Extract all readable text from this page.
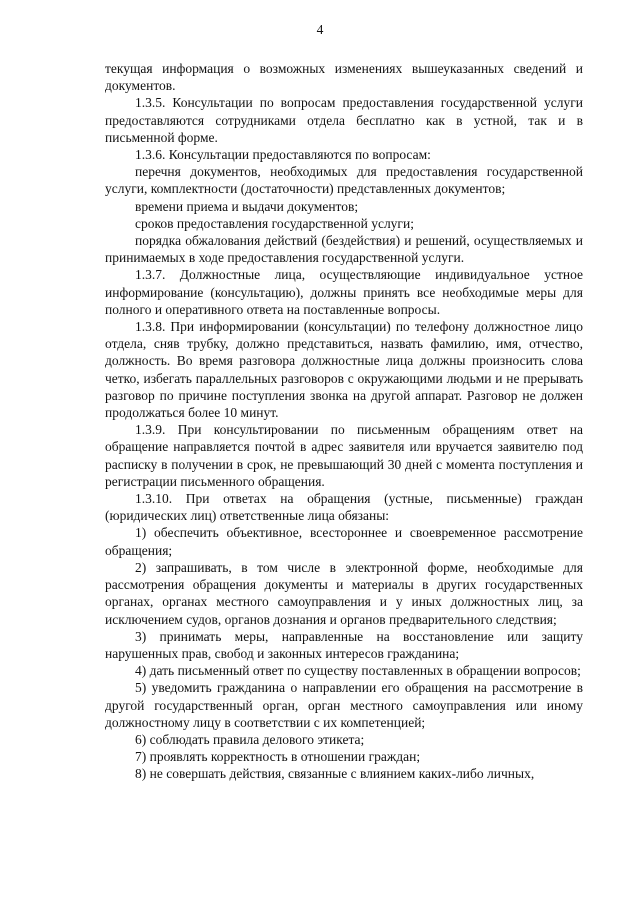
4

текущая информация о возможных изменениях вышеуказанных сведений и документов.

1.3.5. Консультации по вопросам предоставления государственной услуги предоставляются сотрудниками отдела бесплатно как в устной, так и в письменной форме.

1.3.6. Консультации предоставляются по вопросам:

перечня документов, необходимых для предоставления государственной услуги, комплектности (достаточности) представленных документов;

времени приема и выдачи документов;

сроков предоставления государственной услуги;

порядка обжалования действий (бездействия) и решений, осуществляемых и принимаемых в ходе предоставления государственной услуги.

1.3.7. Должностные лица, осуществляющие индивидуальное устное информирование (консультацию), должны принять все необходимые меры для полного и оперативного ответа на поставленные вопросы.

1.3.8. При информировании (консультации) по телефону должностное лицо отдела, сняв трубку, должно представиться, назвать фамилию, имя, отчество, должность. Во время разговора должностные лица должны произносить слова четко, избегать параллельных разговоров с окружающими людьми и не прерывать разговор по причине поступления звонка на другой аппарат. Разговор не должен продолжаться более 10 минут.

1.3.9. При консультировании по письменным обращениям ответ на обращение направляется почтой в адрес заявителя или вручается заявителю под расписку в получении в срок, не превышающий 30 дней с момента поступления и регистрации письменного обращения.

1.3.10. При ответах на обращения (устные, письменные) граждан (юридических лиц) ответственные лица обязаны:

1) обеспечить объективное, всестороннее и своевременное рассмотрение обращения;

2) запрашивать, в том числе в электронной форме, необходимые для рассмотрения обращения документы и материалы в других государственных органах, органах местного самоуправления и у иных должностных лиц, за исключением судов, органов дознания и органов предварительного следствия;

3) принимать меры, направленные на восстановление или защиту нарушенных прав, свобод и законных интересов гражданина;

4) дать письменный ответ по существу поставленных в обращении вопросов;

5) уведомить гражданина о направлении его обращения на рассмотрение в другой государственный орган, орган местного самоуправления или иному должностному лицу в соответствии с их компетенцией;

6) соблюдать правила делового этикета;

7) проявлять корректность в отношении граждан;

8) не совершать действия, связанные с влиянием каких-либо личных,
